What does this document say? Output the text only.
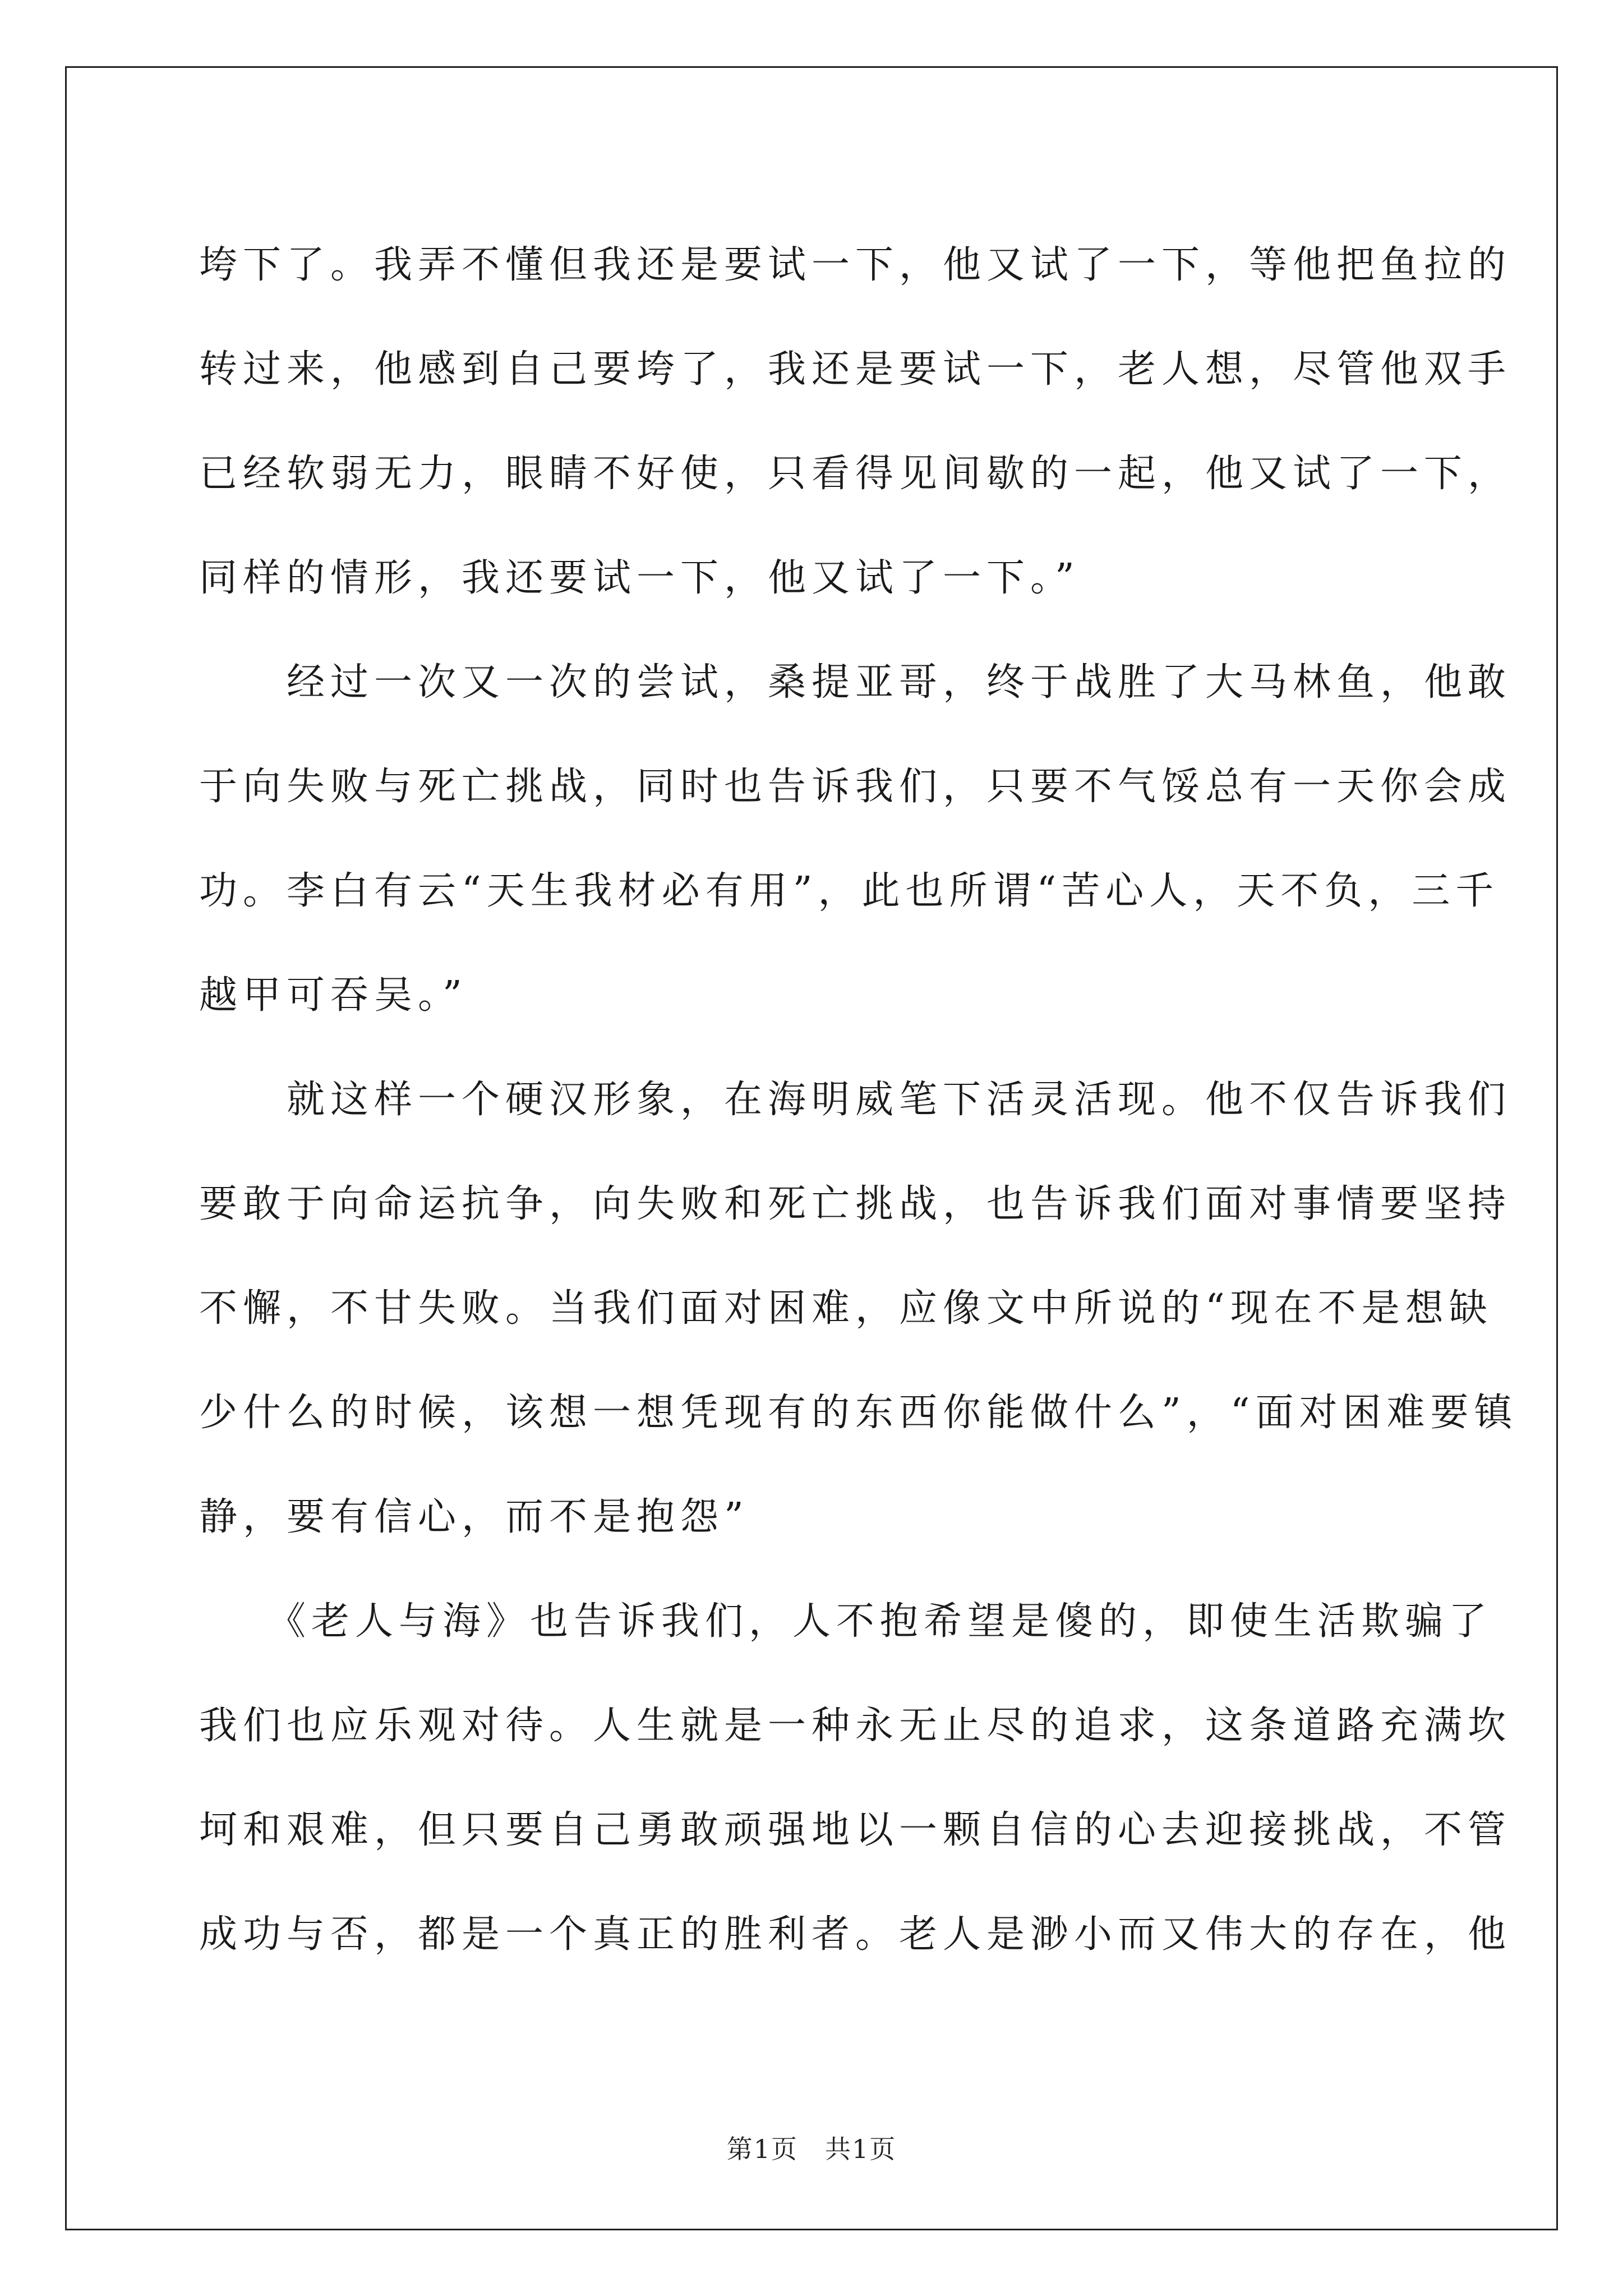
垮下了。我弄不懂但我还是要试一下，他又试了一下，等他把鱼拉的
转过来，他感到自己要垮了，我还是要试一下，老人想，尽管他双手
已经软弱无力，眼睛不好使，只看得见间歇的一起，他又试了一下，
同样的情形，我还要试一下，他又试了一下。”
　　经过一次又一次的尝试，桑提亚哥，终于战胜了大马林鱼，他敢
于向失败与死亡挑战，同时也告诉我们，只要不气馁总有一天你会成
功。李白有云“天生我材必有用”，此也所谓“苦心人，天不负，三千
越甲可吞吴。”
　　就这样一个硬汉形象，在海明威笔下活灵活现。他不仅告诉我们
要敢于向命运抗争，向失败和死亡挑战，也告诉我们面对事情要坚持
不懈，不甘失败。当我们面对困难，应像文中所说的“现在不是想缺
少什么的时候，该想一想凭现有的东西你能做什么”，“面对困难要镇
静，要有信心，而不是抱怨”
　　《老人与海》也告诉我们，人不抱希望是傻的，即使生活欺骗了
我们也应乐观对待。人生就是一种永无止尽的追求，这条道路充满坎
坷和艰难，但只要自己勇敢顽强地以一颗自信的心去迎接挑战，不管
成功与否，都是一个真正的胜利者。老人是渺小而又伟大的存在，他
第1页　共1页
